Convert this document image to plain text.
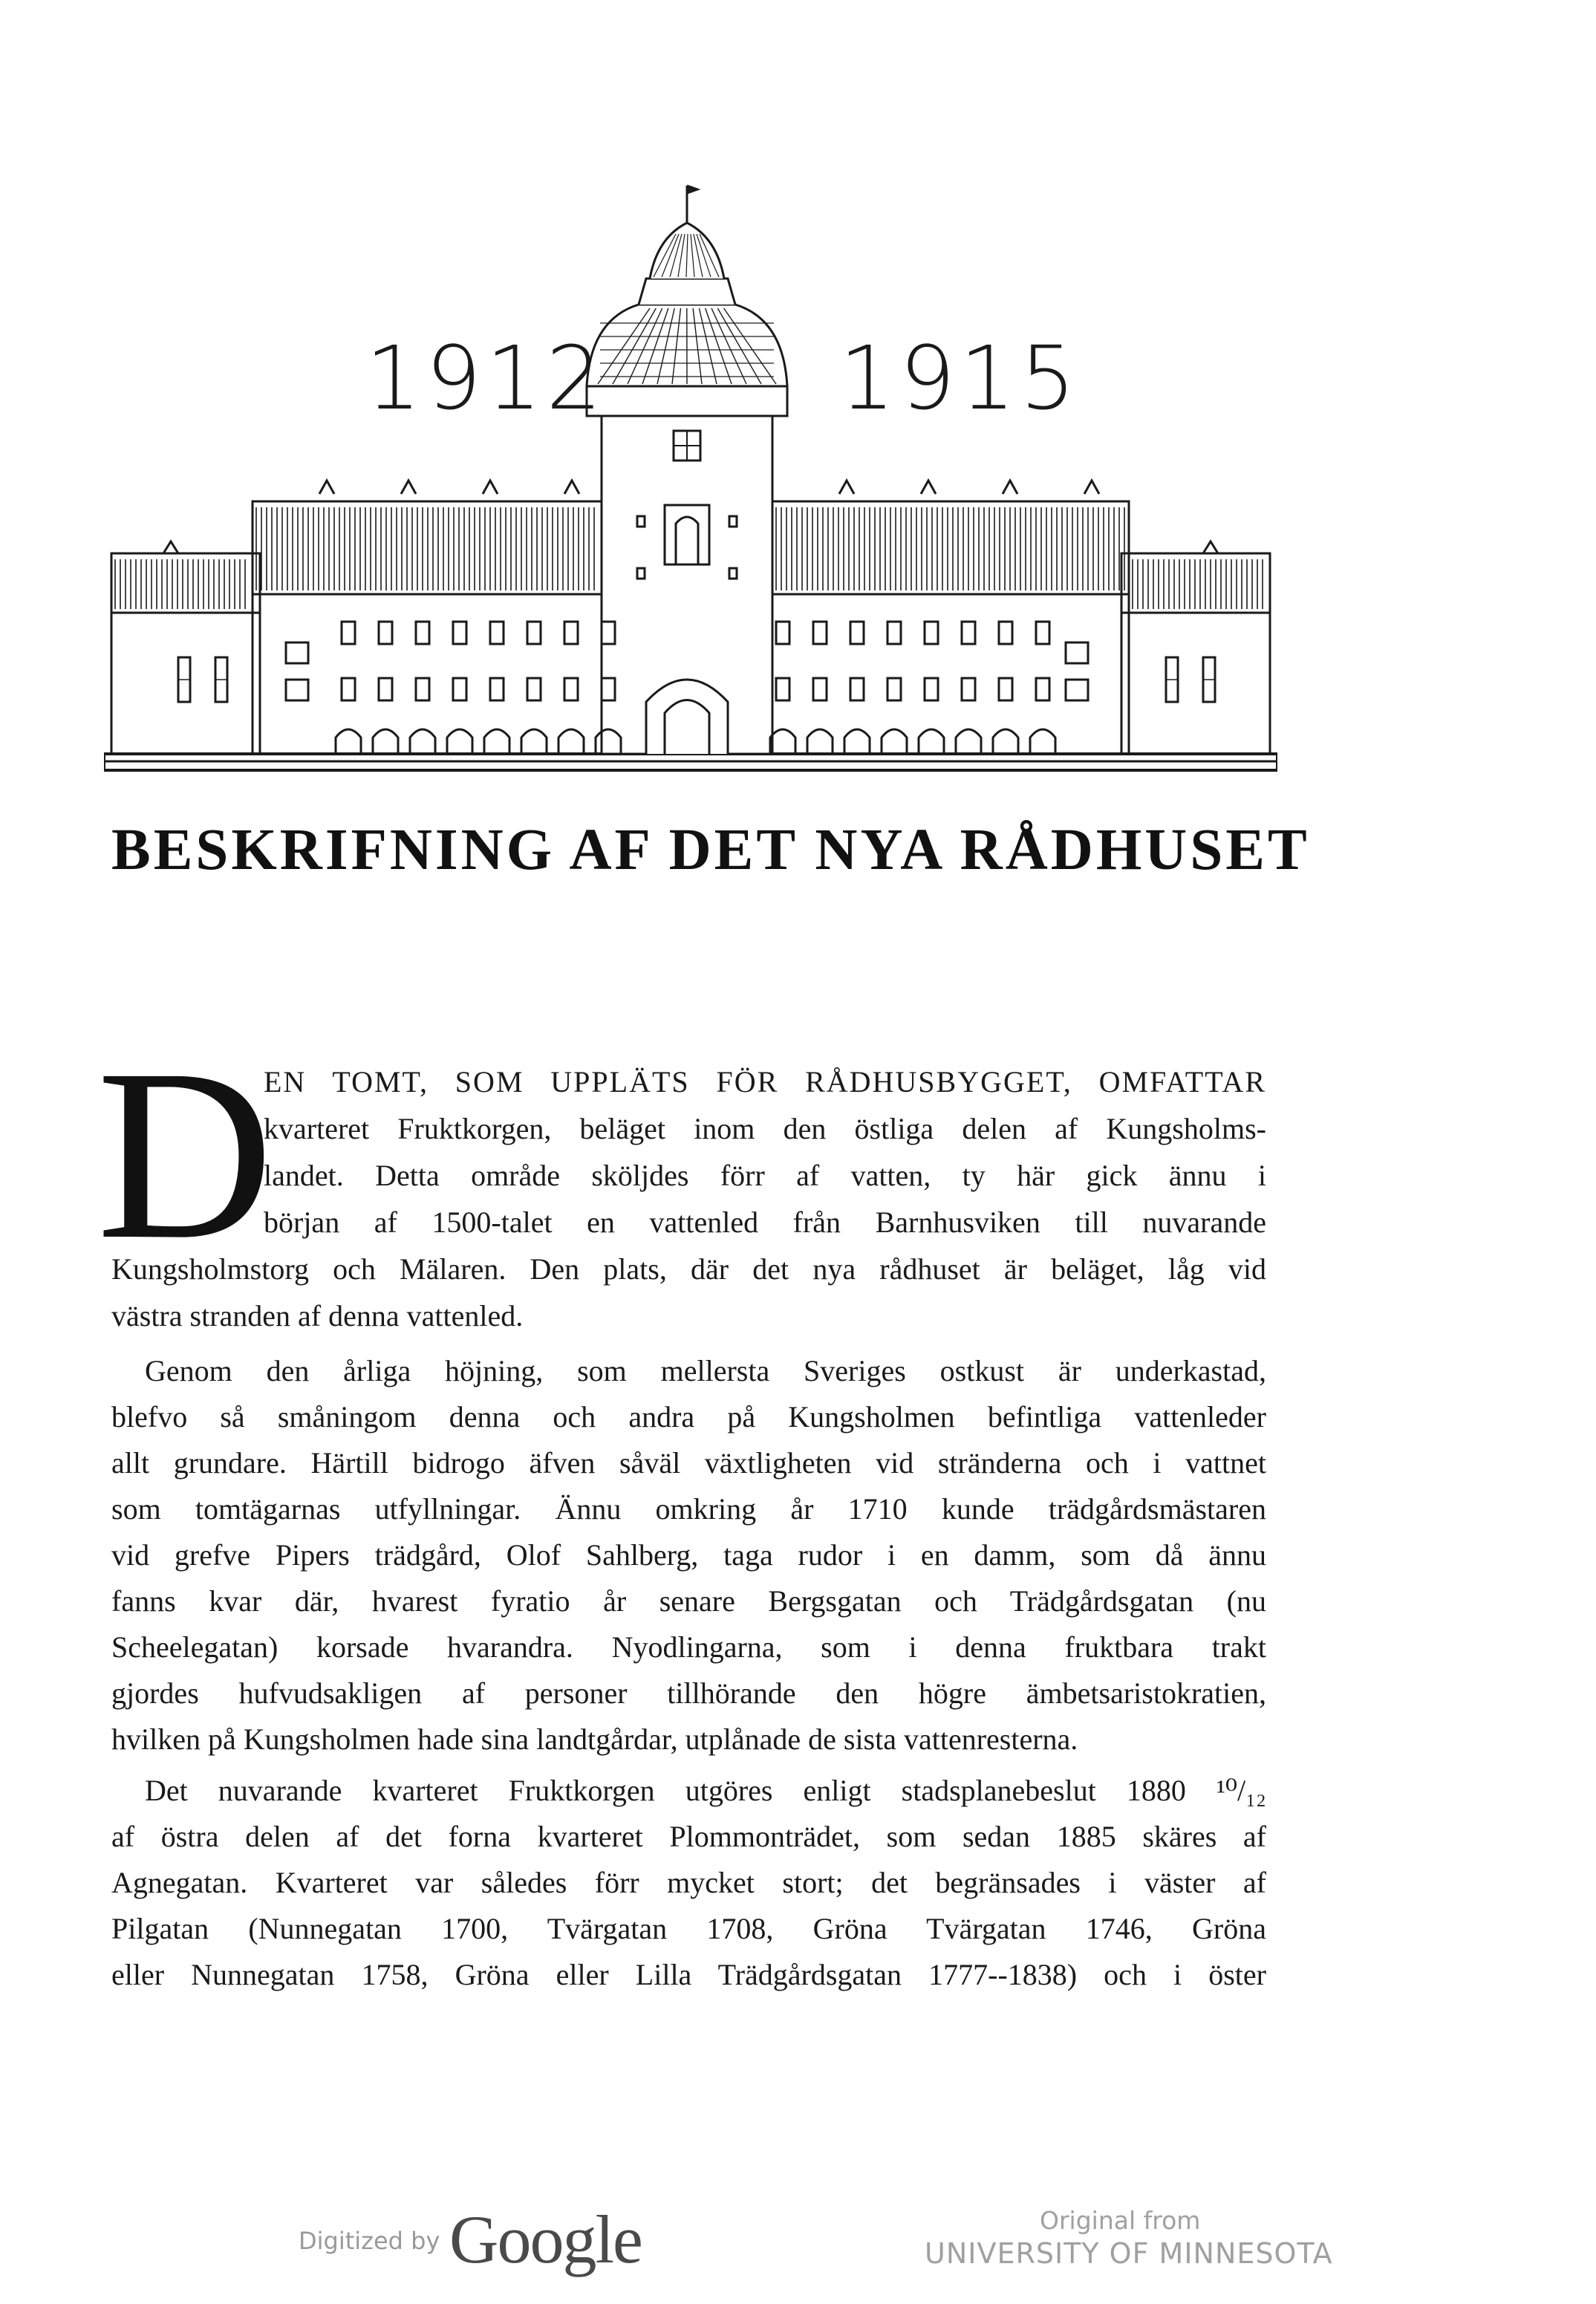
1912	1915
BESKRIFNING AF DET NYA RÅDHUSET
D
EN TOMT, SOM UPPLÄTS FÖR RÅDHUSBYGGET, OMFATTAR
kvarteret Fruktkorgen, beläget inom den östliga delen af Kungsholms-
landet. Detta område sköljdes förr af vatten, ty här gick ännu i
början af 1500-talet en vattenled från Barnhusviken till nuvarande
Kungsholmstorg och Mälaren. Den plats, där det nya rådhuset är beläget, låg vid
västra stranden af denna vattenled.
Genom den årliga höjning, som mellersta Sveriges ostkust är underkastad,
blefvo så småningom denna och andra på Kungsholmen befintliga vattenleder
allt grundare. Härtill bidrogo äfven såväl växtligheten vid stränderna och i vattnet
som tomtägarnas utfyllningar. Ännu omkring år 1710 kunde trädgårdsmästaren
vid grefve Pipers trädgård, Olof Sahlberg, taga rudor i en damm, som då ännu
fanns kvar där, hvarest fyratio år senare Bergsgatan och Trädgårdsgatan (nu
Scheelegatan) korsade hvarandra. Nyodlingarna, som i denna fruktbara trakt
gjordes hufvudsakligen af personer tillhörande den högre ämbetsaristokratien,
hvilken på Kungsholmen hade sina landtgårdar, utplånade de sista vattenresterna.
Det nuvarande kvarteret Fruktkorgen utgöres enligt stadsplanebeslut 1880 ¹⁰/₁₂
af östra delen af det forna kvarteret Plommonträdet, som sedan 1885 skäres af
Agnegatan. Kvarteret var således förr mycket stort; det begränsades i väster af
Pilgatan (Nunnegatan 1700, Tvärgatan 1708, Gröna Tvärgatan 1746, Gröna
eller Nunnegatan 1758, Gröna eller Lilla Trädgårdsgatan 1777--1838) och i öster
Digitized by Google	Original from
UNIVERSITY OF MINNESOTA
